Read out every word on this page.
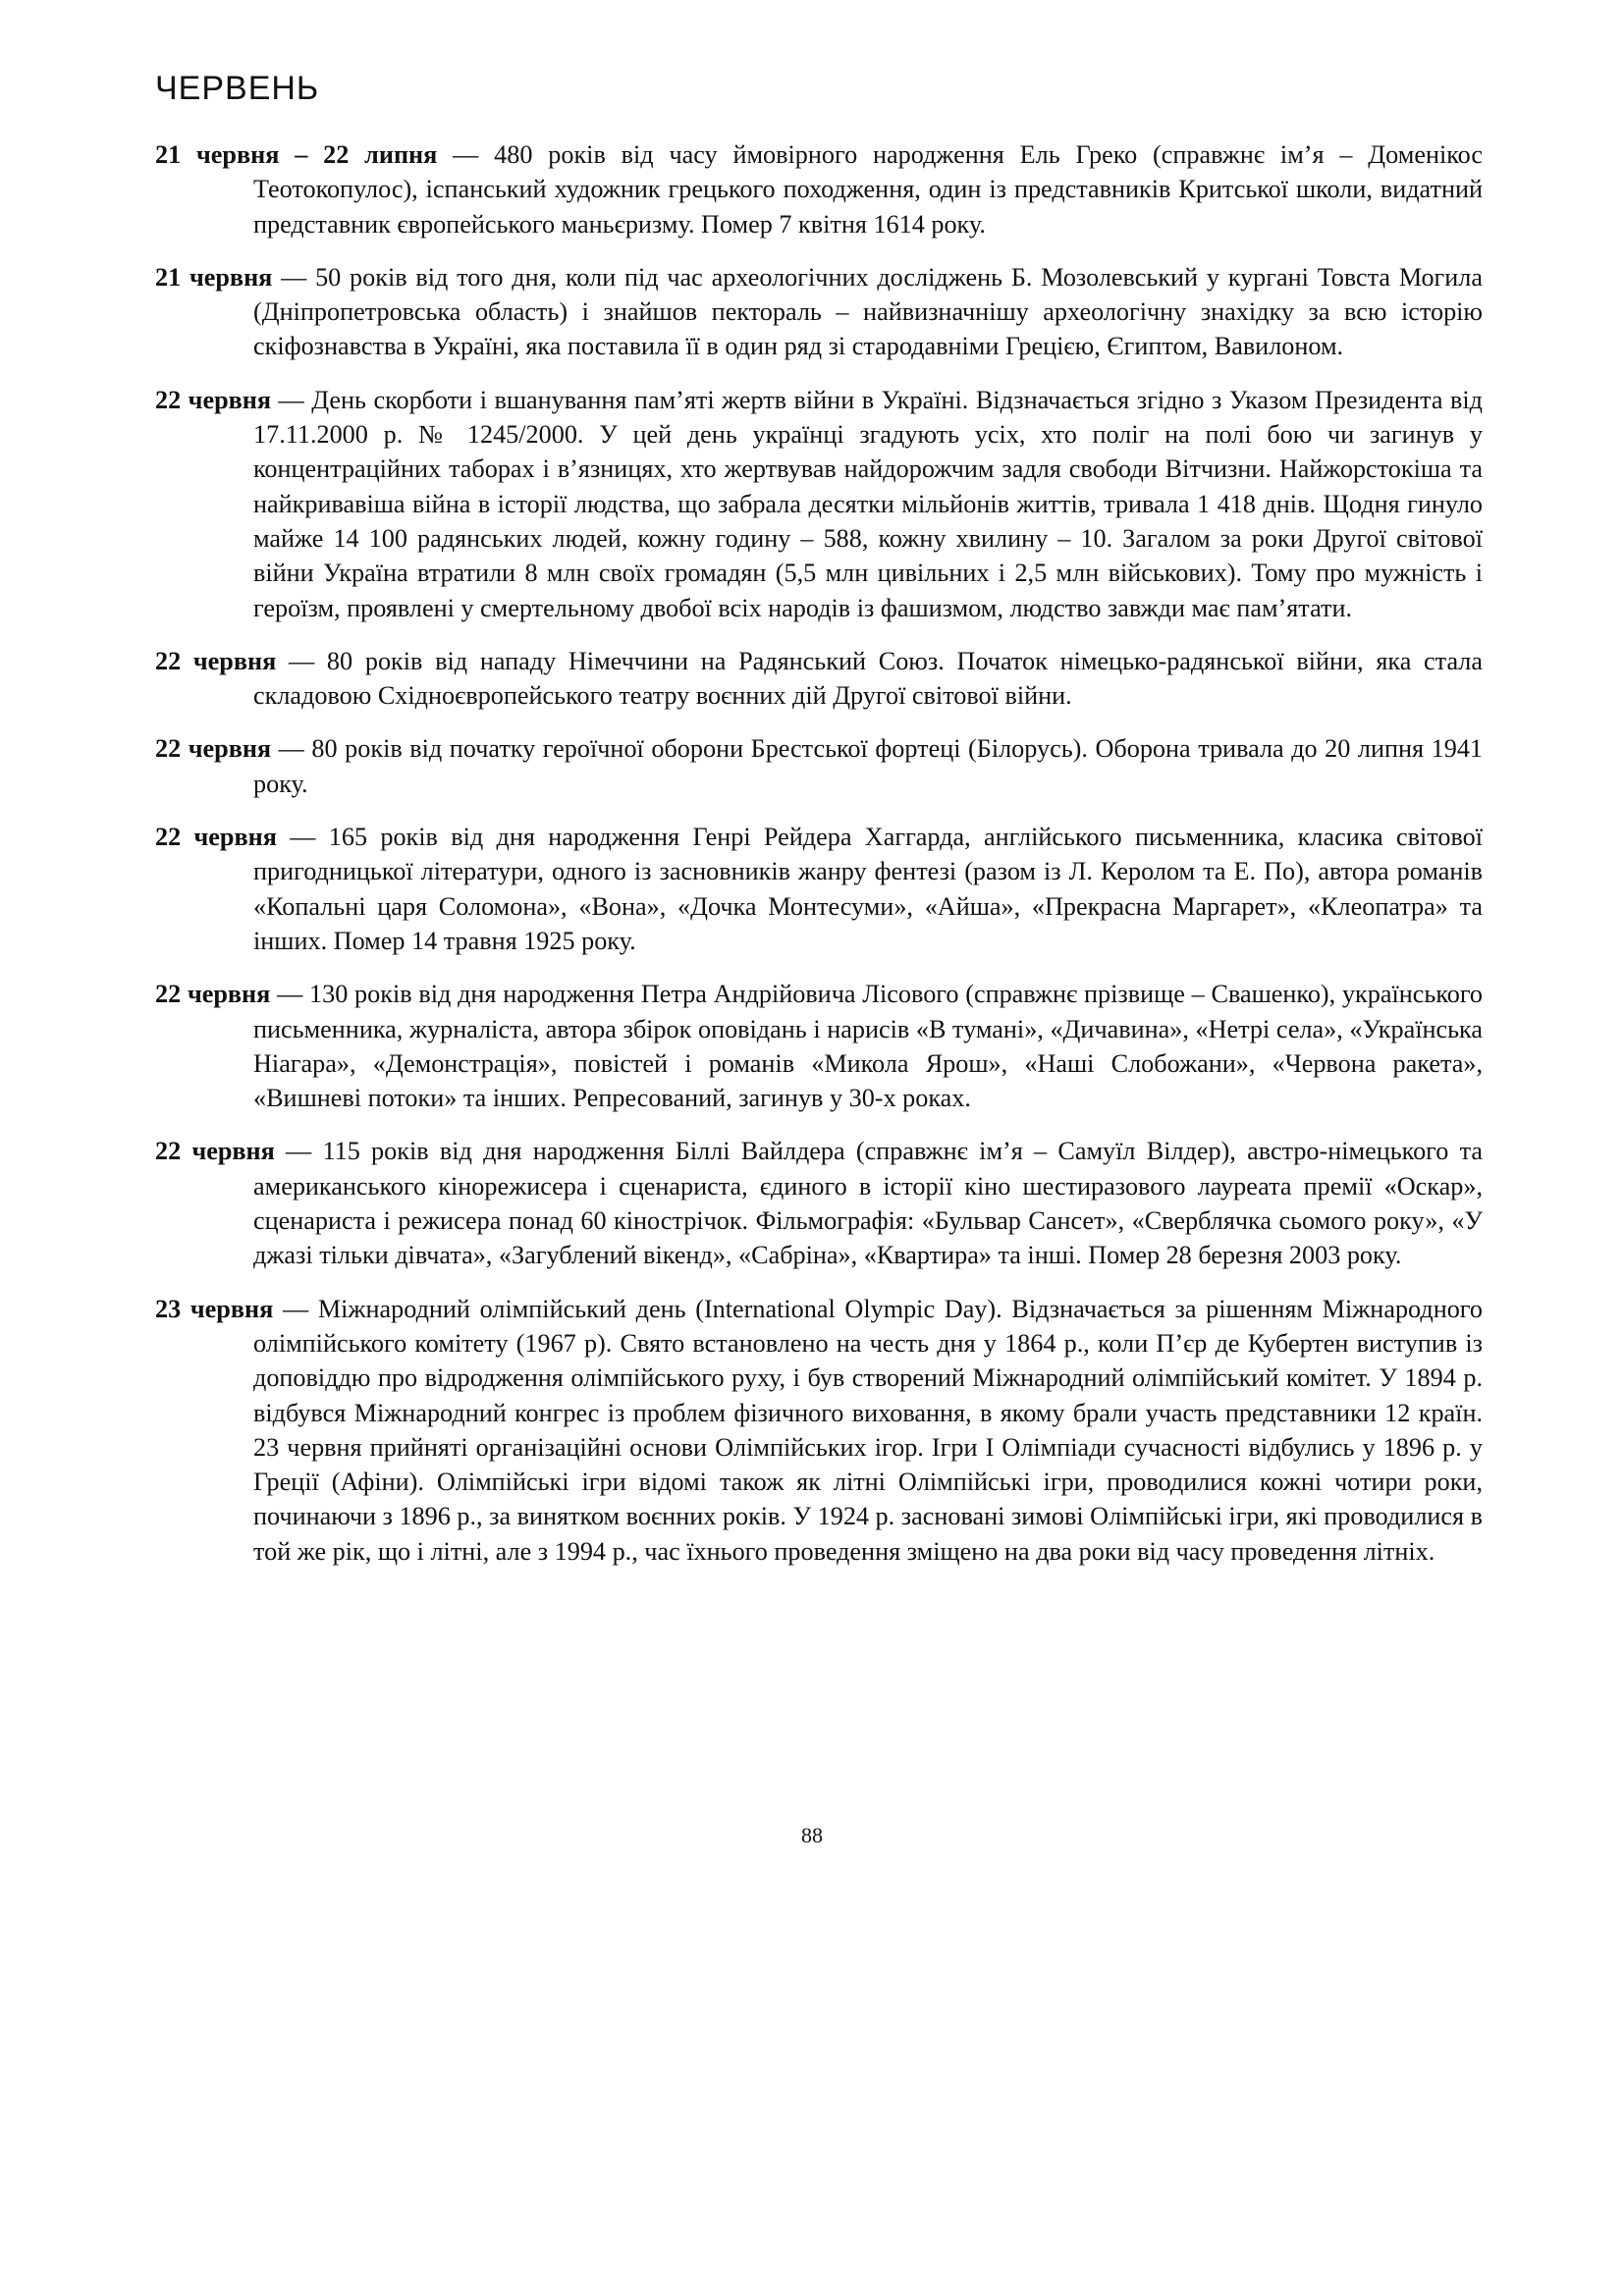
ЧЕРВЕНЬ

21 червня – 22 липня — 480 років від часу ймовірного народження Ель Греко (справжнє ім’я – Доменікос Теотокопулос), іспанський художник грецького походження, один із представників Критської школи, видатний представник європейського маньєризму. Помер 7 квітня 1614 року.

21 червня — 50 років від того дня, коли під час археологічних досліджень Б. Мозолевський у кургані Товста Могила (Дніпропетровська область) і знайшов пектораль – найвизначнішу археологічну знахідку за всю історію скіфознавства в Україні, яка поставила її в один ряд зі стародавніми Грецією, Єгиптом, Вавилоном.

22 червня — День скорботи і вшанування пам’яті жертв війни в Україні. Відзначається згідно з Указом Президента від 17.11.2000 р. № 1245/2000. У цей день українці згадують усіх, хто поліг на полі бою чи загинув у концентраційних таборах і в’язницях, хто жертвував найдорожчим задля свободи Вітчизни. Найжорстокіша та найкривавіша війна в історії людства, що забрала десятки мільйонів життів, тривала 1 418 днів. Щодня гинуло майже 14 100 радянських людей, кожну годину – 588, кожну хвилину – 10. Загалом за роки Другої світової війни Україна втратили 8 млн своїх громадян (5,5 млн цивільних і 2,5 млн військових). Тому про мужність і героїзм, проявлені у смертельному двобої всіх народів із фашизмом, людство завжди має пам’ятати.

22 червня — 80 років від нападу Німеччини на Радянський Союз. Початок німецько-радянської війни, яка стала складовою Східноєвропейського театру воєнних дій Другої світової війни.

22 червня — 80 років від початку героїчної оборони Брестської фортеці (Білорусь). Оборона тривала до 20 липня 1941 року.

22 червня — 165 років від дня народження Генрі Рейдера Хаггарда, англійського письменника, класика світової пригодницької літератури, одного із засновників жанру фентезі (разом із Л. Керолом та Е. По), автора романів «Копальні царя Соломона», «Вона», «Дочка Монтесуми», «Айша», «Прекрасна Маргарет», «Клеопатра» та інших. Помер 14 травня 1925 року.

22 червня — 130 років від дня народження Петра Андрійовича Лісового (справжнє прізвище – Свашенко), українського письменника, журналіста, автора збірок оповідань і нарисів «В тумані», «Дичавина», «Нетрі села», «Українська Ніагара», «Демонстрація», повістей і романів «Микола Ярош», «Наші Слобожани», «Червона ракета», «Вишневі потоки» та інших. Репресований, загинув у 30-х роках.

22 червня — 115 років від дня народження Біллі Вайлдера (справжнє ім’я – Самуїл Вілдер), австро-німецького та американського кінорежисера і сценариста, єдиного в історії кіно шестиразового лауреата премії «Оскар», сценариста і режисера понад 60 кінострічок. Фільмографія: «Бульвар Сансет», «Сверблячка сьомого року», «У джазі тільки дівчата», «Загублений вікенд», «Сабріна», «Квартира» та інші. Помер 28 березня 2003 року.

23 червня — Міжнародний олімпійський день (International Olympic Day). Відзначається за рішенням Міжнародного олімпійського комітету (1967 р). Свято встановлено на честь дня у 1864 р., коли П’єр де Кубертен виступив із доповіддю про відродження олімпійського руху, і був створений Міжнародний олімпійський комітет. У 1894 р. відбувся Міжнародний конгрес із проблем фізичного виховання, в якому брали участь представники 12 країн. 23 червня прийняті організаційні основи Олімпійських ігор. Ігри I Олімпіади сучасності відбулись у 1896 р. у Греції (Афіни). Олімпійські ігри відомі також як літні Олімпійські ігри, проводилися кожні чотири роки, починаючи з 1896 р., за винятком воєнних років. У 1924 р. засновані зимові Олімпійські ігри, які проводилися в той же рік, що і літні, але з 1994 р., час їхнього проведення зміщено на два роки від часу проведення літніх.

88
